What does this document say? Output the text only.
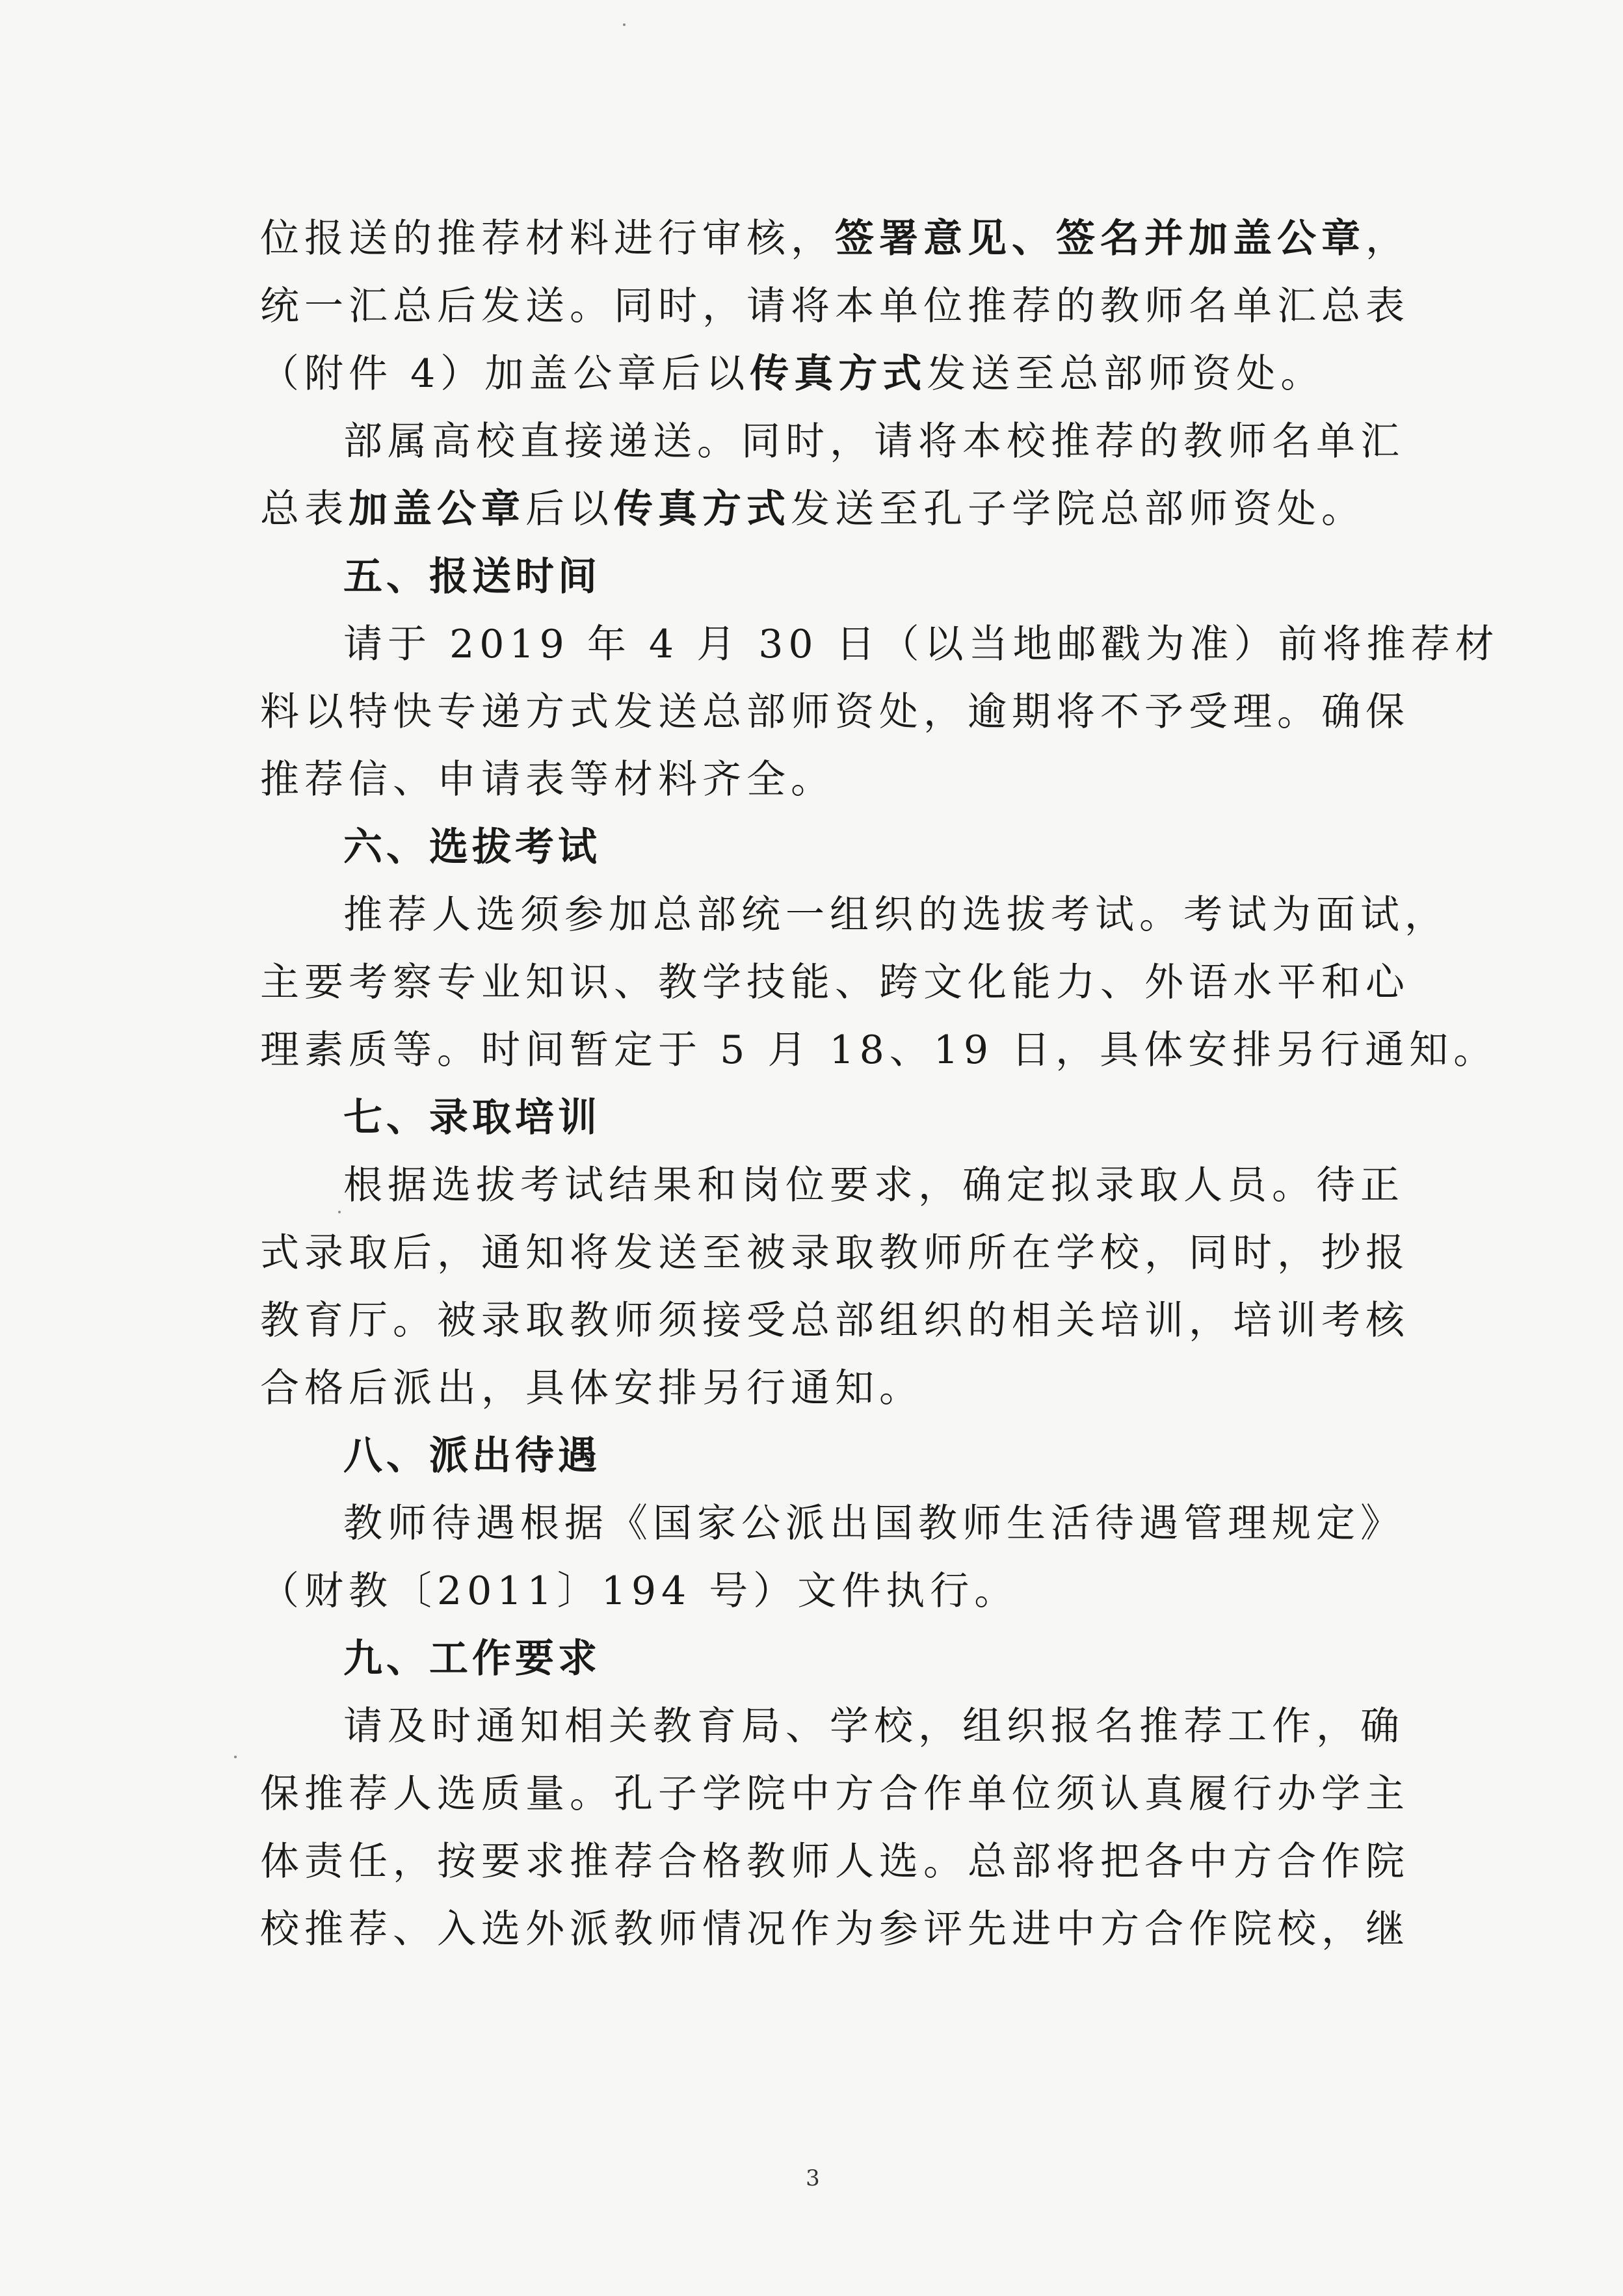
位报送的推荐材料进行审核，签署意见、签名并加盖公章，
统一汇总后发送。同时，请将本单位推荐的教师名单汇总表
（附件 4）加盖公章后以传真方式发送至总部师资处。
部属高校直接递送。同时，请将本校推荐的教师名单汇
总表加盖公章后以传真方式发送至孔子学院总部师资处。
五、报送时间
请于 2019 年 4 月 30 日（以当地邮戳为准）前将推荐材
料以特快专递方式发送总部师资处，逾期将不予受理。确保
推荐信、申请表等材料齐全。
六、选拔考试
推荐人选须参加总部统一组织的选拔考试。考试为面试，
主要考察专业知识、教学技能、跨文化能力、外语水平和心
理素质等。时间暂定于 5 月 18、19 日，具体安排另行通知。
七、录取培训
根据选拔考试结果和岗位要求，确定拟录取人员。待正
式录取后，通知将发送至被录取教师所在学校，同时，抄报
教育厅。被录取教师须接受总部组织的相关培训，培训考核
合格后派出，具体安排另行通知。
八、派出待遇
教师待遇根据《国家公派出国教师生活待遇管理规定》
（财教〔2011〕194 号）文件执行。
九、工作要求
请及时通知相关教育局、学校，组织报名推荐工作，确
保推荐人选质量。孔子学院中方合作单位须认真履行办学主
体责任，按要求推荐合格教师人选。总部将把各中方合作院
校推荐、入选外派教师情况作为参评先进中方合作院校，继
3
